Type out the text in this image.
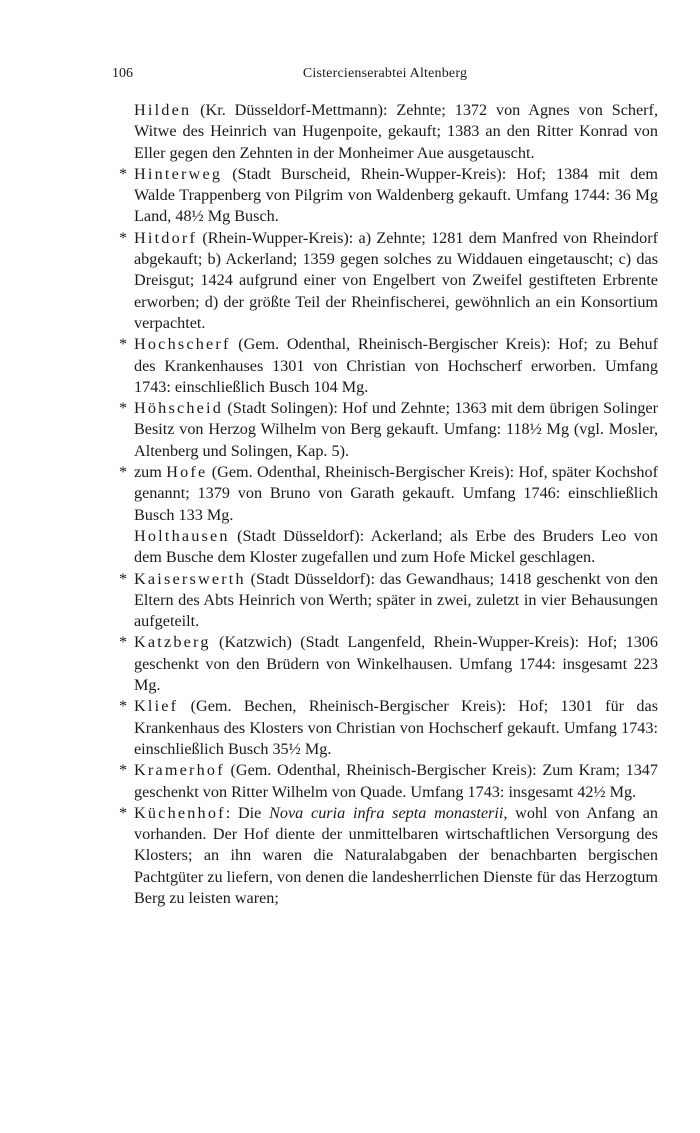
106	Cistercienserabtei Altenberg

Hilden (Kr. Düsseldorf-Mettmann): Zehnte; 1372 von Agnes von Scherf, Witwe des Heinrich van Hugenpoite, gekauft; 1383 an den Ritter Konrad von Eller gegen den Zehnten in der Monheimer Aue ausgetauscht.

* Hinterweg (Stadt Burscheid, Rhein-Wupper-Kreis): Hof; 1384 mit dem Walde Trappenberg von Pilgrim von Waldenberg gekauft. Umfang 1744: 36 Mg Land, 48½ Mg Busch.

* Hitdorf (Rhein-Wupper-Kreis): a) Zehnte; 1281 dem Manfred von Rheindorf abgekauft; b) Ackerland; 1359 gegen solches zu Widdauen eingetauscht; c) das Dreisgut; 1424 aufgrund einer von Engelbert von Zweifel gestifteten Erbrente erworben; d) der größte Teil der Rheinfischerei, gewöhnlich an ein Konsortium verpachtet.

* Hochscherf (Gem. Odenthal, Rheinisch-Bergischer Kreis): Hof; zu Behuf des Krankenhauses 1301 von Christian von Hochscherf erworben. Umfang 1743: einschließlich Busch 104 Mg.

* Höhscheid (Stadt Solingen): Hof und Zehnte; 1363 mit dem übrigen Solinger Besitz von Herzog Wilhelm von Berg gekauft. Umfang: 118½ Mg (vgl. Mosler, Altenberg und Solingen, Kap. 5).

* zum Hofe (Gem. Odenthal, Rheinisch-Bergischer Kreis): Hof, später Kochshof genannt; 1379 von Bruno von Garath gekauft. Umfang 1746: einschließlich Busch 133 Mg.

Holthausen (Stadt Düsseldorf): Ackerland; als Erbe des Bruders Leo von dem Busche dem Kloster zugefallen und zum Hofe Mickel geschlagen.

* Kaiserswerth (Stadt Düsseldorf): das Gewandhaus; 1418 geschenkt von den Eltern des Abts Heinrich von Werth; später in zwei, zuletzt in vier Behausungen aufgeteilt.

* Katzberg (Katzwich) (Stadt Langenfeld, Rhein-Wupper-Kreis): Hof; 1306 geschenkt von den Brüdern von Winkelhausen. Umfang 1744: insgesamt 223 Mg.

* Klief (Gem. Bechen, Rheinisch-Bergischer Kreis): Hof; 1301 für das Krankenhaus des Klosters von Christian von Hochscherf gekauft. Umfang 1743: einschließlich Busch 35½ Mg.

* Kramerhof (Gem. Odenthal, Rheinisch-Bergischer Kreis): Zum Kram; 1347 geschenkt von Ritter Wilhelm von Quade. Umfang 1743: insgesamt 42½ Mg.

* Küchenhof: Die Nova curia infra septa monasterii, wohl von Anfang an vorhanden. Der Hof diente der unmittelbaren wirtschaftlichen Versorgung des Klosters; an ihn waren die Naturalabgaben der benachbarten bergischen Pachtgüter zu liefern, von denen die landesherrlichen Dienste für das Herzogtum Berg zu leisten waren;
